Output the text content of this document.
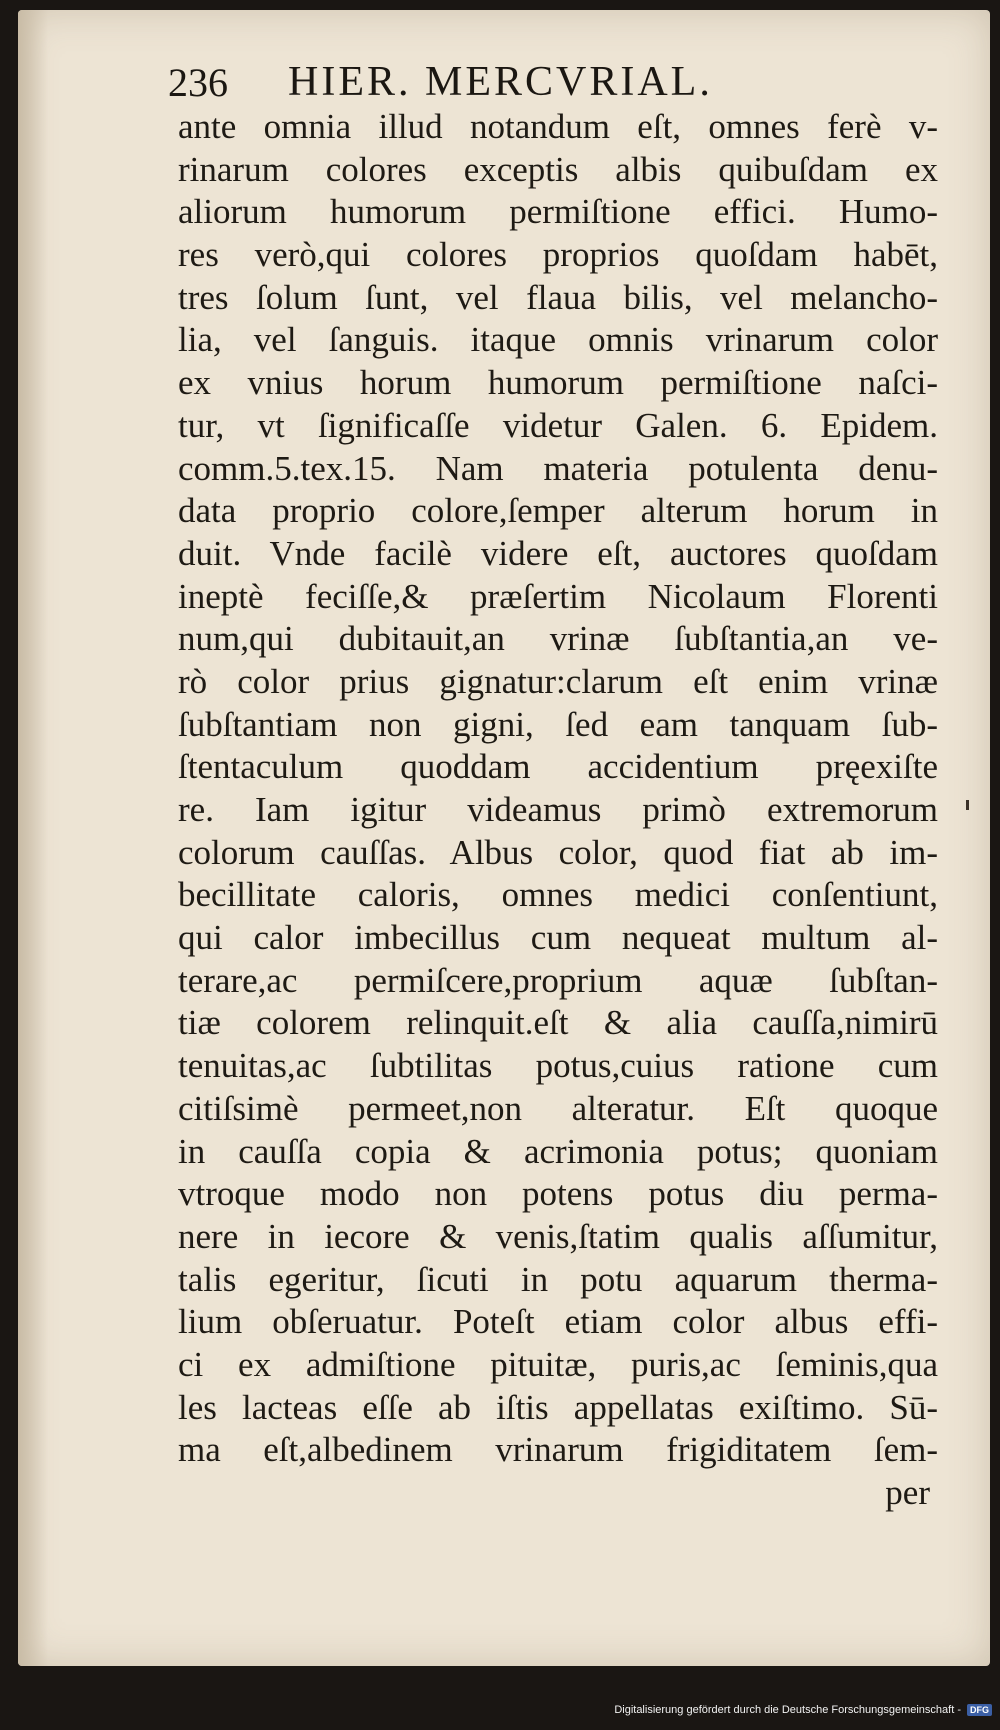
236	HIER. MERCVRIAL.
ante omnia illud notandum eſt, omnes ferè v-
rinarum colores exceptis albis quibuſdam ex
aliorum humorum permiſtione effici. Humo-
res verò,qui colores proprios quoſdam habēt,
tres ſolum ſunt, vel flaua bilis, vel melancho-
lia, vel ſanguis. itaque omnis vrinarum color
ex vnius horum humorum permiſtione naſci-
tur, vt ſignificaſſe videtur Galen. 6. Epidem.
comm.5.tex.15. Nam materia potulenta denu-
data proprio colore,ſemper alterum horum in
duit. Vnde facilè videre eſt, auctores quoſdam
ineptè feciſſe,& præſertim Nicolaum Florenti
num,qui dubitauit,an vrinæ ſubſtantia,an ve-
rò color prius gignatur:clarum eſt enim vrinæ
ſubſtantiam non gigni, ſed eam tanquam ſub-
ſtentaculum quoddam accidentium pręexiſte
re. Iam igitur videamus primò extremorum
colorum cauſſas. Albus color, quod fiat ab im-
becillitate caloris, omnes medici conſentiunt,
qui calor imbecillus cum nequeat multum al-
terare,ac permiſcere,proprium aquæ ſubſtan-
tiæ colorem relinquit.eſt & alia cauſſa,nimirū
tenuitas,ac ſubtilitas potus,cuius ratione cum
citiſsimè permeet,non alteratur. Eſt quoque
in cauſſa copia & acrimonia potus; quoniam
vtroque modo non potens potus diu perma-
nere in iecore & venis,ſtatim qualis aſſumitur,
talis egeritur, ſicuti in potu aquarum therma-
lium obſeruatur. Poteſt etiam color albus effi-
ci ex admiſtione pituitæ, puris,ac ſeminis,qua
les lacteas eſſe ab iſtis appellatas exiſtimo. Sū-
ma eſt,albedinem vrinarum frigiditatem ſem-
per
Digitalisierung gefördert durch die Deutsche Forschungsgemeinschaft -	DFG
